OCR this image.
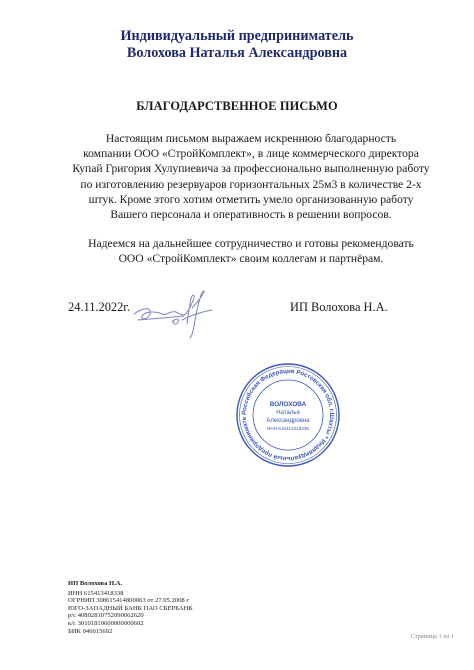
Индивидуальный предприниматель
Волохова Наталья Александровна
БЛАГОДАРСТВЕННОЕ ПИСЬМО
Настоящим письмом выражаем искреннюю благодарность
компании ООО «СтройКомплект», в лице коммерческого директора
Купай Григория Хулупиевича за профессионально выполненную работу
по изготовлению резервуаров горизонтальных 25м3 в количестве 2-х
штук. Кроме этого хотим отметить умело организованную работу
Вашего персонала и оперативность в решении вопросов.
Надеемся на дальнейшее сотрудничество и готовы рекомендовать
ООО «СтройКомплект» своим коллегам и партнёрам.
24.11.2022г.	ИП Волохова Н.А.
Российская Федерация Ростовская обл. г.Шахты * Индивидуальный предпринимате
ВОЛОХОВА
Наталья
Александровна
ИНН 615413418338
ИП Волохова Н.А.
ИНН 615413418338
ОГРНИП 308615414800063 от 27.05.2008 г
ЮГО-ЗАПАДНЫЙ БАНК ПАО СБЕРБАНК
р/с 40802810752090062620
к/с 30101810600000000602
БИК 046015602
Страница 1 из 1
